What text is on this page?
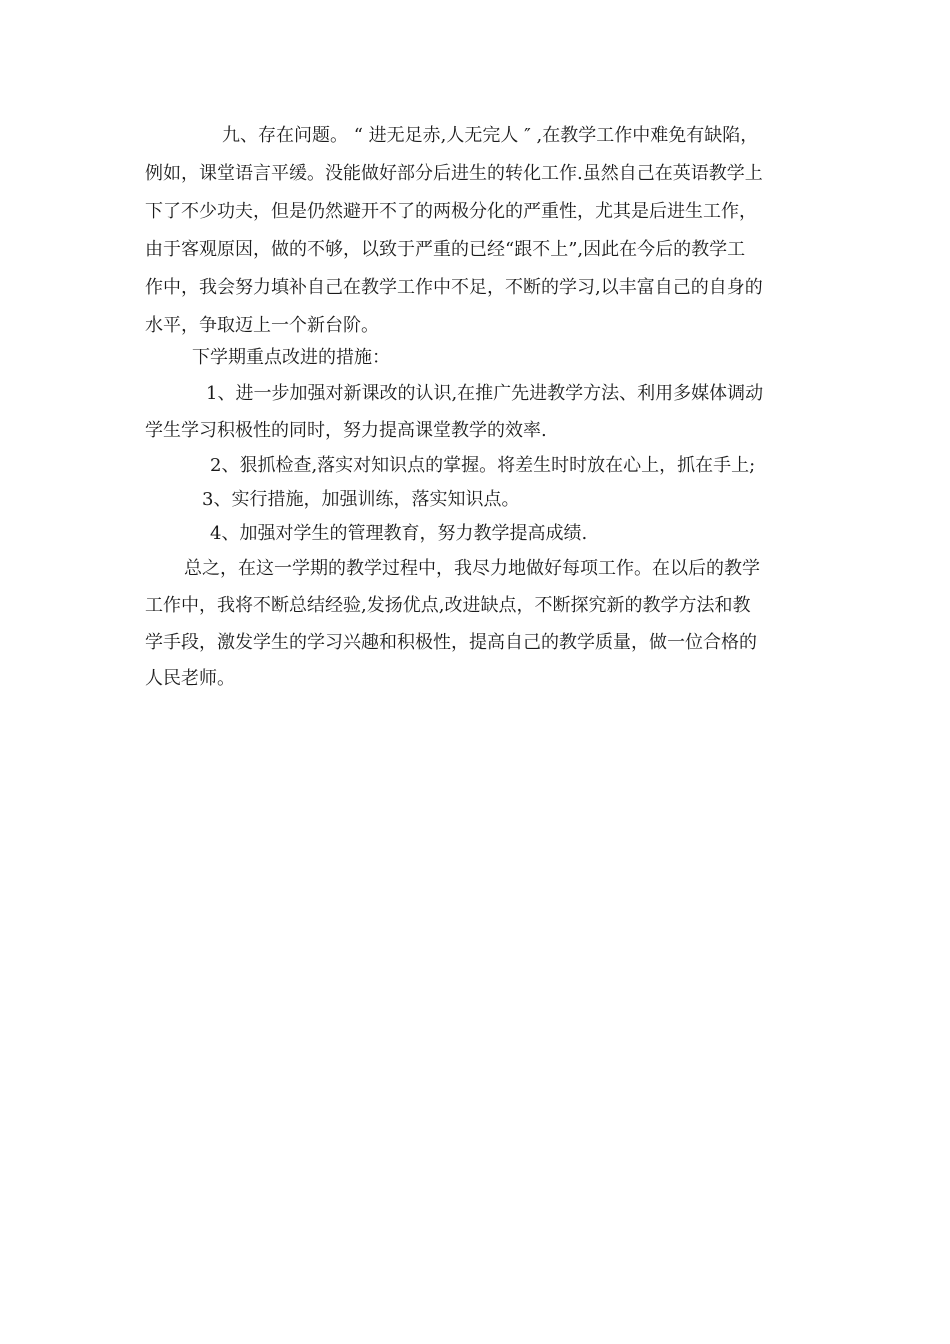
九、存在问题。 “ 进无足赤,人无完人 ″ ,在教学工作中难免有缺陷，
例如，课堂语言平缓。没能做好部分后进生的转化工作.虽然自己在英语教学上
下了不少功夫，但是仍然避开不了的两极分化的严重性，尤其是后进生工作，
由于客观原因，做的不够，以致于严重的已经“跟不上”,因此在今后的教学工
作中，我会努力填补自己在教学工作中不足，不断的学习,以丰富自己的自身的
水平，争取迈上一个新台阶。
下学期重点改进的措施：
1、进一步加强对新课改的认识,在推广先进教学方法、利用多媒体调动
学生学习积极性的同时，努力提高课堂教学的效率.
2、狠抓检查,落实对知识点的掌握。将差生时时放在心上，抓在手上;
3、实行措施，加强训练，落实知识点。
4、加强对学生的管理教育，努力教学提高成绩.
总之，在这一学期的教学过程中，我尽力地做好每项工作。在以后的教学
工作中，我将不断总结经验,发扬优点,改进缺点，不断探究新的教学方法和教
学手段，激发学生的学习兴趣和积极性，提高自己的教学质量，做一位合格的
人民老师。
